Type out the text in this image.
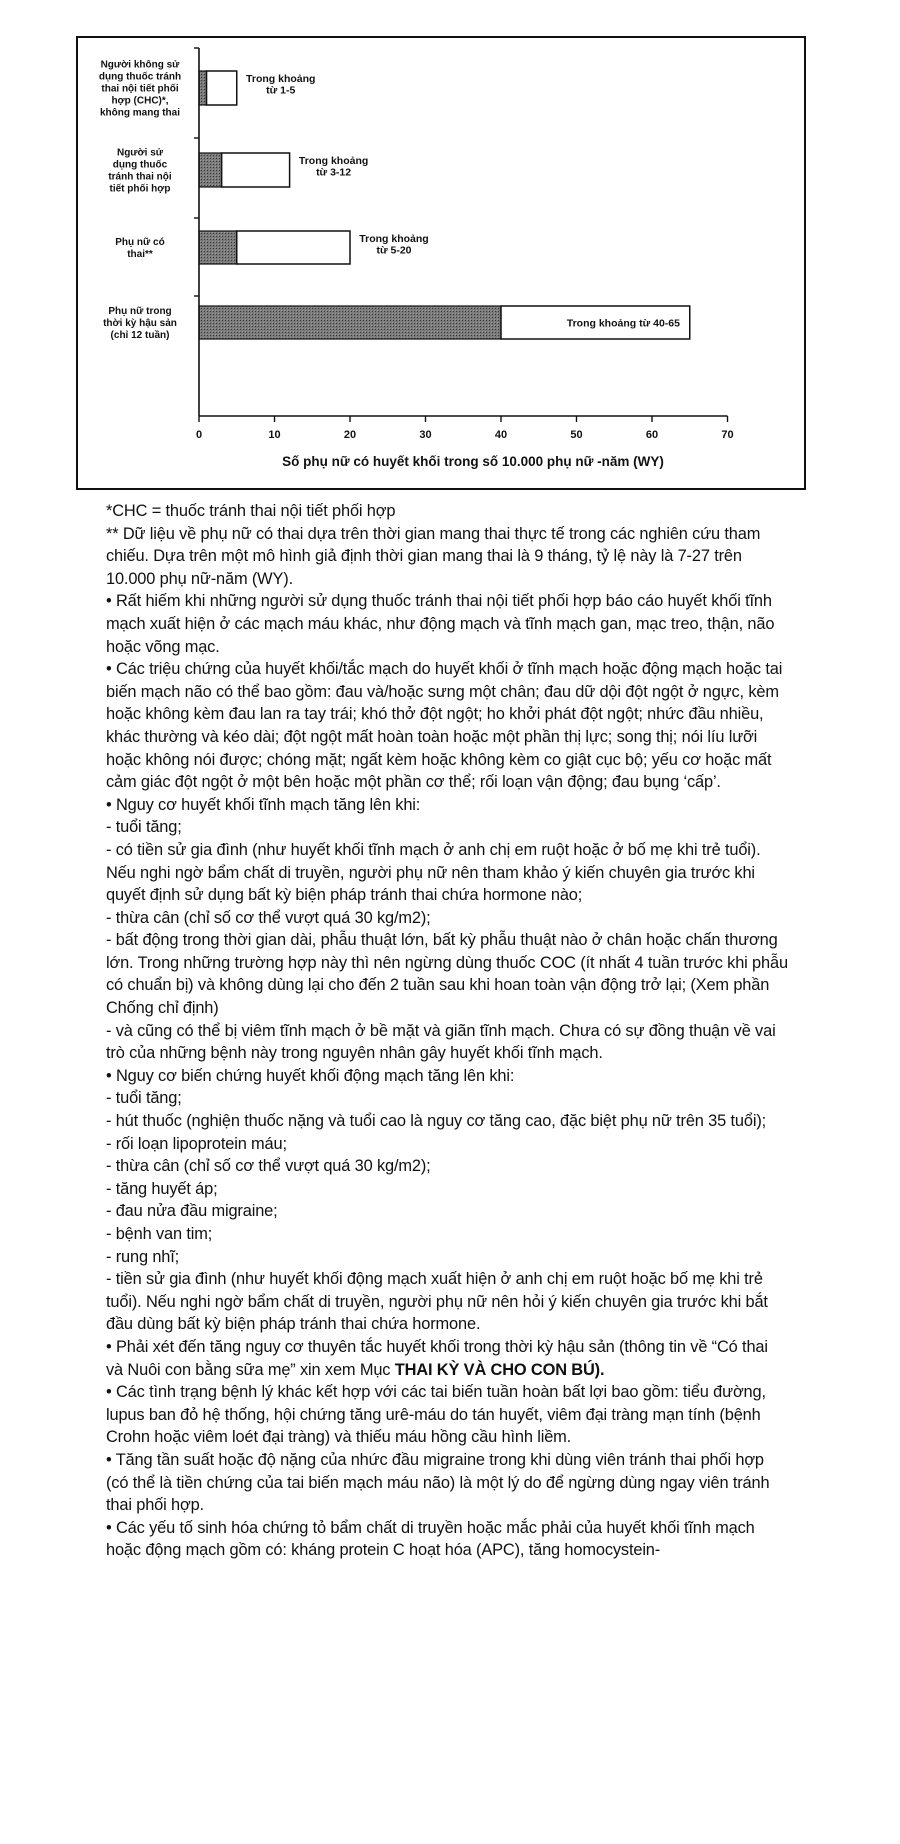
Người không sử dụng thuốc tránh thai nội tiết phối hợp (CHC)*, không mang thai
Trong khoảng từ 1-5
Người sử dụng thuốc tránh thai nội tiết phối hợp
Trong khoảng từ 3-12
Phụ nữ có thai**
Trong khoảng từ 5-20
Phụ nữ trong thời kỳ hậu sản (chỉ 12 tuần)
Trong khoảng từ 40-65
0	10	20	30	40	50	60	70
Số phụ nữ có huyết khối trong số 10.000 phụ nữ -năm (WY)

*CHC = thuốc tránh thai nội tiết phối hợp

** Dữ liệu về phụ nữ có thai dựa trên thời gian mang thai thực tế trong các nghiên cứu tham chiếu. Dựa trên một mô hình giả định thời gian mang thai là 9 tháng, tỷ lệ này là 7-27 trên 10.000 phụ nữ-năm (WY).

• Rất hiếm khi những người sử dụng thuốc tránh thai nội tiết phối hợp báo cáo huyết khối tĩnh mạch xuất hiện ở các mạch máu khác, như động mạch và tĩnh mạch gan, mạc treo, thận, não hoặc võng mạc.

• Các triệu chứng của huyết khối/tắc mạch do huyết khối ở tĩnh mạch hoặc động mạch hoặc tai biến mạch não có thể bao gồm: đau và/hoặc sưng một chân; đau dữ dội đột ngột ở ngực, kèm hoặc không kèm đau lan ra tay trái; khó thở đột ngột; ho khởi phát đột ngột; nhức đầu nhiều, khác thường và kéo dài; đột ngột mất hoàn toàn hoặc một phần thị lực; song thị; nói líu lưỡi hoặc không nói được; chóng mặt; ngất kèm hoặc không kèm co giật cục bộ; yếu cơ hoặc mất cảm giác đột ngột ở một bên hoặc một phần cơ thể; rối loạn vận động; đau bụng ‘cấp’.

• Nguy cơ huyết khối tĩnh mạch tăng lên khi:

- tuổi tăng;

- có tiền sử gia đình (như huyết khối tĩnh mạch ở anh chị em ruột hoặc ở bố mẹ khi trẻ tuổi). Nếu nghi ngờ bẩm chất di truyền, người phụ nữ nên tham khảo ý kiến chuyên gia trước khi quyết định sử dụng bất kỳ biện pháp tránh thai chứa hormone nào;

- thừa cân (chỉ số cơ thể vượt quá 30 kg/m2);

- bất động trong thời gian dài, phẫu thuật lớn, bất kỳ phẫu thuật nào ở chân hoặc chấn thương lớn. Trong những trường hợp này thì nên ngừng dùng thuốc COC (ít nhất 4 tuần trước khi phẫu có chuẩn bị) và không dùng lại cho đến 2 tuần sau khi hoan toàn vận động trở lại; (Xem phần Chống chỉ định)

- và cũng có thể bị viêm tĩnh mạch ở bề mặt và giãn tĩnh mạch. Chưa có sự đồng thuận về vai trò của những bệnh này trong nguyên nhân gây huyết khối tĩnh mạch.

• Nguy cơ biến chứng huyết khối động mạch tăng lên khi:

- tuổi tăng;

- hút thuốc (nghiện thuốc nặng và tuổi cao là nguy cơ tăng cao, đặc biệt phụ nữ trên 35 tuổi);

- rối loạn lipoprotein máu;

- thừa cân (chỉ số cơ thể vượt quá 30 kg/m2);

- tăng huyết áp;

- đau nửa đầu migraine;

- bệnh van tim;

- rung nhĩ;

- tiền sử gia đình (như huyết khối động mạch xuất hiện ở anh chị em ruột hoặc bố mẹ khi trẻ tuổi). Nếu nghi ngờ bẩm chất di truyền, người phụ nữ nên hỏi ý kiến chuyên gia trước khi bắt đầu dùng bất kỳ biện pháp tránh thai chứa hormone.

• Phải xét đến tăng nguy cơ thuyên tắc huyết khối trong thời kỳ hậu sản (thông tin về “Có thai và Nuôi con bằng sữa mẹ” xin xem Mục THAI KỲ VÀ CHO CON BÚ).

• Các tình trạng bệnh lý khác kết hợp với các tai biến tuần hoàn bất lợi bao gồm: tiểu đường, lupus ban đỏ hệ thống, hội chứng tăng urê-máu do tán huyết, viêm đại tràng mạn tính (bệnh Crohn hoặc viêm loét đại tràng) và thiếu máu hồng cầu hình liềm.

• Tăng tần suất hoặc độ nặng của nhức đầu migraine trong khi dùng viên tránh thai phối hợp (có thể là tiền chứng của tai biến mạch máu não) là một lý do để ngừng dùng ngay viên tránh thai phối hợp.

• Các yếu tố sinh hóa chứng tỏ bẩm chất di truyền hoặc mắc phải của huyết khối tĩnh mạch hoặc động mạch gồm có: kháng protein C hoạt hóa (APC), tăng homocystein-
